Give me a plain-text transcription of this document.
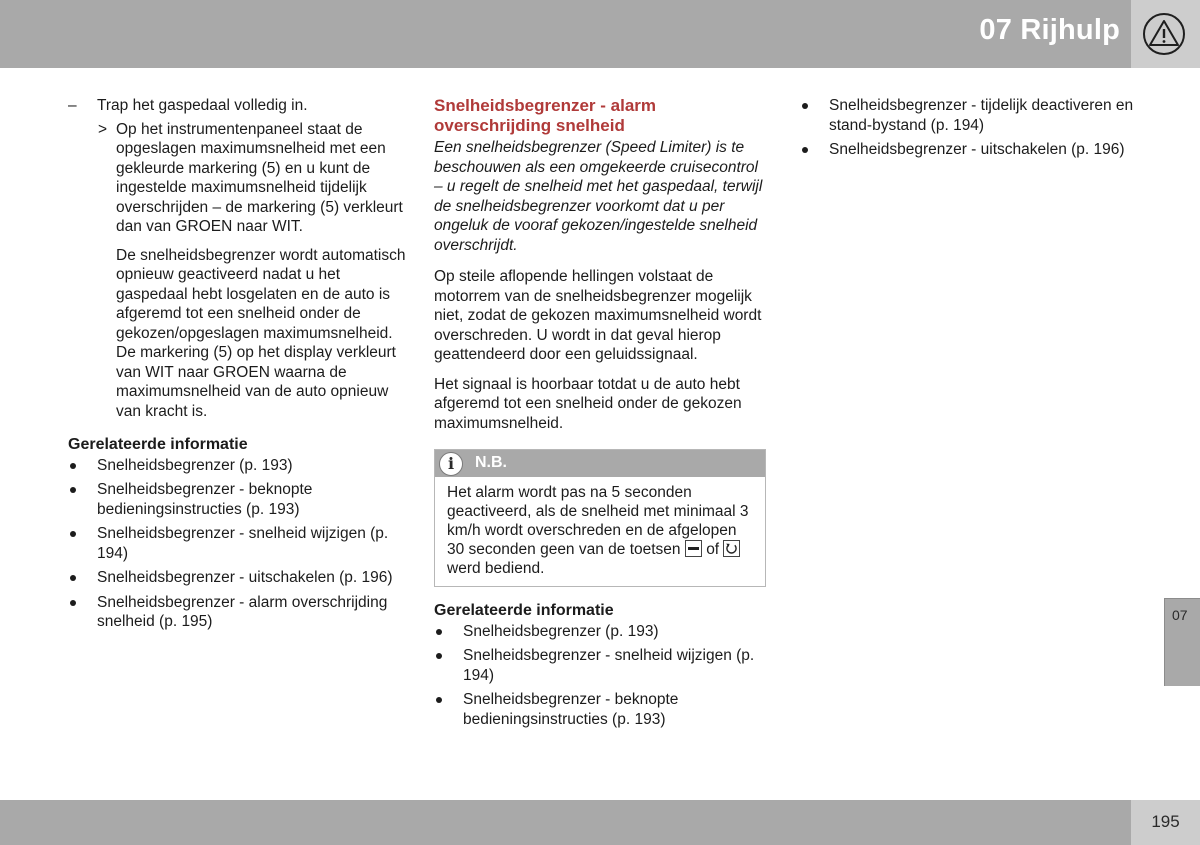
07 Rijhulp
– Trap het gaspedaal volledig in.
> Op het instrumentenpaneel staat de opgeslagen maximumsnelheid met een gekleurde markering (5) en u kunt de ingestelde maximumsnelheid tijdelijk overschrijden – de markering (5) verkleurt dan van GROEN naar WIT.

De snelheidsbegrenzer wordt automatisch opnieuw geactiveerd nadat u het gaspedaal hebt losgelaten en de auto is afgeremd tot een snelheid onder de gekozen/opgeslagen maximumsnelheid. De markering (5) op het display verkleurt van WIT naar GROEN waarna de maximumsnelheid van de auto opnieuw van kracht is.

Gerelateerde informatie
Snelheidsbegrenzer (p. 193)
Snelheidsbegrenzer - beknopte bedieningsinstructies (p. 193)
Snelheidsbegrenzer - snelheid wijzigen (p. 194)
Snelheidsbegrenzer - uitschakelen (p. 196)
Snelheidsbegrenzer - alarm overschrijding snelheid (p. 195)
Snelheidsbegrenzer - alarm overschrijding snelheid

Een snelheidsbegrenzer (Speed Limiter) is te beschouwen als een omgekeerde cruisecontrol – u regelt de snelheid met het gaspedaal, terwijl de snelheidsbegrenzer voorkomt dat u per ongeluk de vooraf gekozen/ingestelde snelheid overschrijdt.

Op steile aflopende hellingen volstaat de motorrem van de snelheidsbegrenzer mogelijk niet, zodat de gekozen maximumsnelheid wordt overschreden. U wordt in dat geval hierop geattendeerd door een geluidssignaal.

Het signaal is hoorbaar totdat u de auto hebt afgeremd tot een snelheid onder de gekozen maximumsnelheid.

i	N.B.
Het alarm wordt pas na 5 seconden geactiveerd, als de snelheid met minimaal 3 km/h wordt overschreden en de afgelopen 30 seconden geen van de toetsen of
werd bediend.
Gerelateerde informatie
Snelheidsbegrenzer (p. 193)
Snelheidsbegrenzer - snelheid wijzigen (p. 194)
Snelheidsbegrenzer - beknopte bedieningsinstructies (p. 193)
Snelheidsbegrenzer - tijdelijk deactiveren en stand-bystand (p. 194)
Snelheidsbegrenzer - uitschakelen (p. 196)
07
195
